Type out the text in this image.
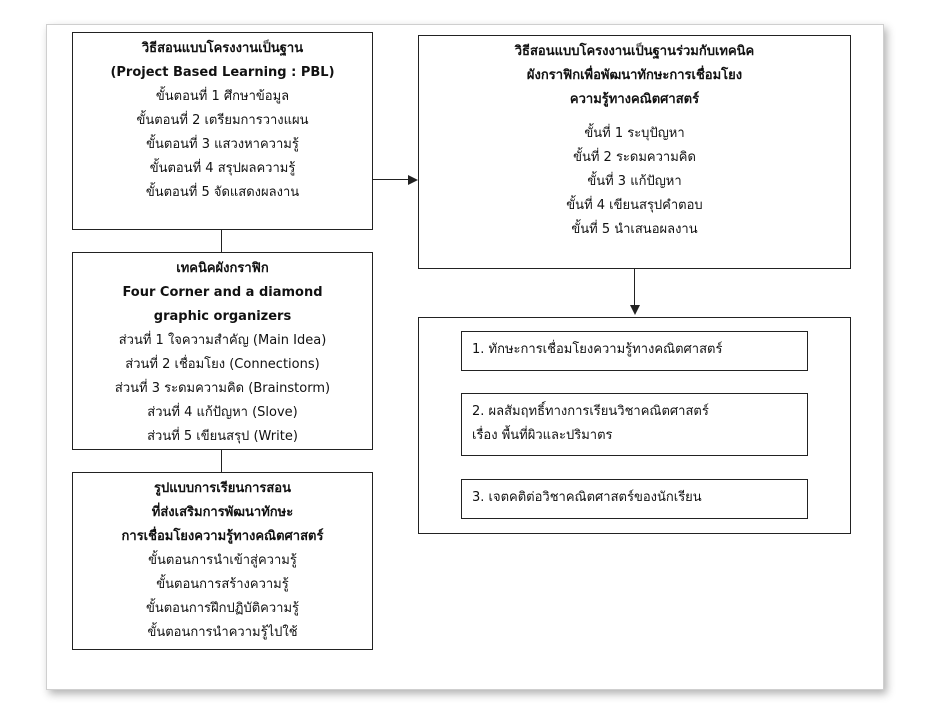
วิธีสอนแบบโครงงานเป็นฐาน
(Project Based Learning : PBL)
ขั้นตอนที่ 1 ศึกษาข้อมูล
ขั้นตอนที่ 2 เตรียมการวางแผน
ขั้นตอนที่ 3 แสวงหาความรู้
ขั้นตอนที่ 4 สรุปผลความรู้
ขั้นตอนที่ 5 จัดแสดงผลงาน
เทคนิคผังกราฟิก
Four Corner and a diamond
graphic organizers
ส่วนที่ 1 ใจความสำคัญ (Main Idea)
ส่วนที่ 2 เชื่อมโยง (Connections)
ส่วนที่ 3 ระดมความคิด (Brainstorm)
ส่วนที่ 4 แก้ปัญหา (Slove)
ส่วนที่ 5 เขียนสรุป (Write)
รูปแบบการเรียนการสอน
ที่ส่งเสริมการพัฒนาทักษะ
การเชื่อมโยงความรู้ทางคณิตศาสตร์
ขั้นตอนการนำเข้าสู่ความรู้
ขั้นตอนการสร้างความรู้
ขั้นตอนการฝึกปฏิบัติความรู้
ขั้นตอนการนำความรู้ไปใช้
วิธีสอนแบบโครงงานเป็นฐานร่วมกับเทคนิค
ผังกราฟิกเพื่อพัฒนาทักษะการเชื่อมโยง
ความรู้ทางคณิตศาสตร์
ขั้นที่ 1 ระบุปัญหา
ขั้นที่ 2 ระดมความคิด
ขั้นที่ 3 แก้ปัญหา
ขั้นที่ 4 เขียนสรุปคำตอบ
ขั้นที่ 5 นำเสนอผลงาน
1. ทักษะการเชื่อมโยงความรู้ทางคณิตศาสตร์
2. ผลสัมฤทธิ์ทางการเรียนวิชาคณิตศาสตร์
เรื่อง พื้นที่ผิวและปริมาตร
3. เจตคติต่อวิชาคณิตศาสตร์ของนักเรียน
